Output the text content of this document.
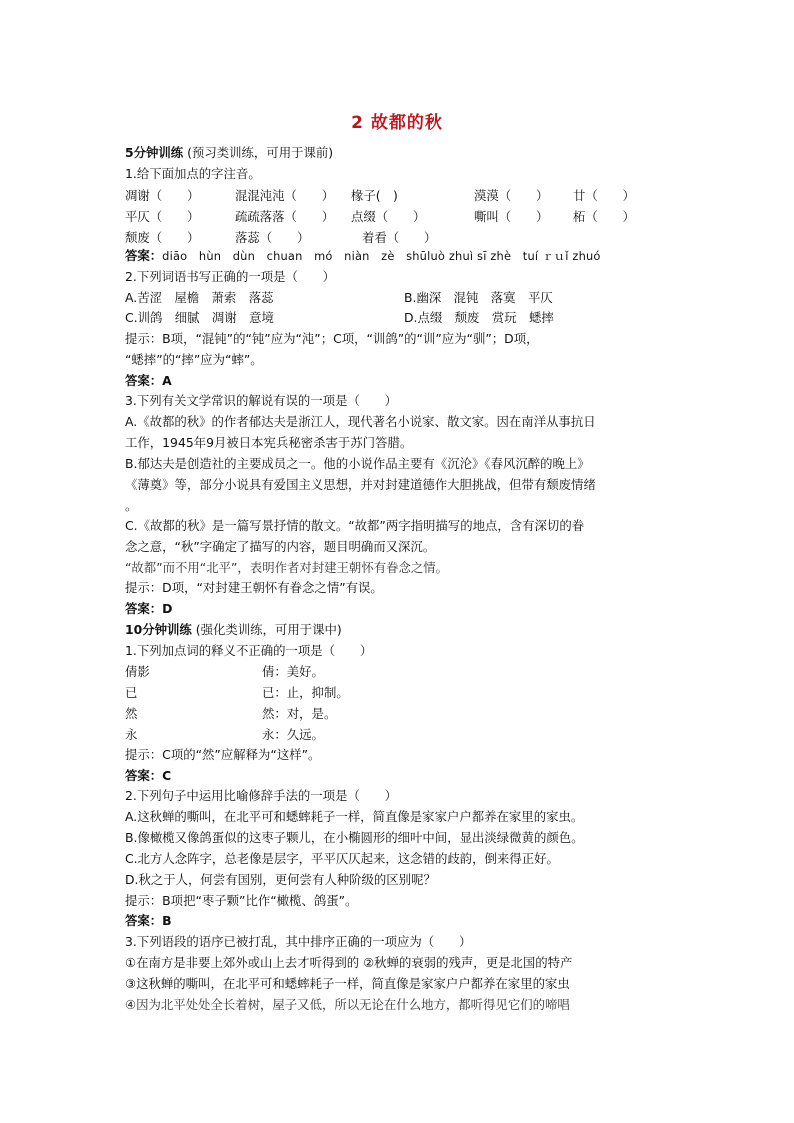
2 故都的秋
5分钟训练 (预习类训练，可用于课前)
1.给下面加点的字注音。
凋谢（　　）	混混沌沌（　　） 椽子(　)	漠漠（　　） 廿（　　）
平仄（　　）	疏疏落落（　　） 点缀（　　）	嘶叫（　　） 柘（　　）
颓废（　　）	落蕊（　　）	着看（　　）
答案：diāo　hùn　dùn　chuan　mó　niàn　zè　shūluò zhuì sī zhè　tuí ｒｕǐ zhuó
2.下列词语书写正确的一项是（　　）
A.苦涩　屋檐　萧索　落蕊	B.幽深　混钝　落寞　平仄
C.训鸽　细腻　凋谢　意境	D.点缀　颓废　赏玩　蟋摔
提示：B项，“混钝”的“钝”应为“沌”；C项，“训鸽”的“训”应为“驯”；D项，
“蟋摔”的“摔”应为“蟀”。
答案：A
3.下列有关文学常识的解说有误的一项是（　　）
A.《故都的秋》的作者郁达夫是浙江人，现代著名小说家、散文家。因在南洋从事抗日
工作，1945年9月被日本宪兵秘密杀害于苏门答腊。
B.郁达夫是创造社的主要成员之一。他的小说作品主要有《沉沦》《春风沉醉的晚上》
《薄奠》等，部分小说具有爱国主义思想，并对封建道德作大胆挑战，但带有颓废情绪
。
C.《故都的秋》是一篇写景抒情的散文。“故都”两字指明描写的地点，含有深切的眷
念之意，“秋”字确定了描写的内容，题目明确而又深沉。
“故都”而不用“北平”，表明作者对封建王朝怀有眷念之情。
提示：D项，“对封建王朝怀有眷念之情”有误。
答案：D
10分钟训练 (强化类训练，可用于课中)
1.下列加点词的释义不正确的一项是（　　）
倩影	倩：美好。
已	已：止，抑制。
然	然：对，是。
永	永：久远。
提示：C项的“然”应解释为“这样”。
答案：C
2.下列句子中运用比喻修辞手法的一项是（　　）
A.这秋蝉的嘶叫，在北平可和蟋蟀耗子一样，简直像是家家户户都养在家里的家虫。
B.像橄榄又像鸽蛋似的这枣子颗儿，在小椭圆形的细叶中间，显出淡绿微黄的颜色。
C.北方人念阵字，总老像是层字，平平仄仄起来，这念错的歧韵，倒来得正好。
D.秋之于人，何尝有国别，更何尝有人种阶级的区别呢？
提示：B项把“枣子颗”比作“橄榄、鸽蛋”。
答案：B
3.下列语段的语序已被打乱，其中排序正确的一项应为（　　）
①在南方是非要上郊外或山上去才听得到的 ②秋蝉的衰弱的残声，更是北国的特产
③这秋蝉的嘶叫，在北平可和蟋蟀耗子一样，简直像是家家户户都养在家里的家虫
④因为北平处处全长着树，屋子又低，所以无论在什么地方，都听得见它们的啼唱
